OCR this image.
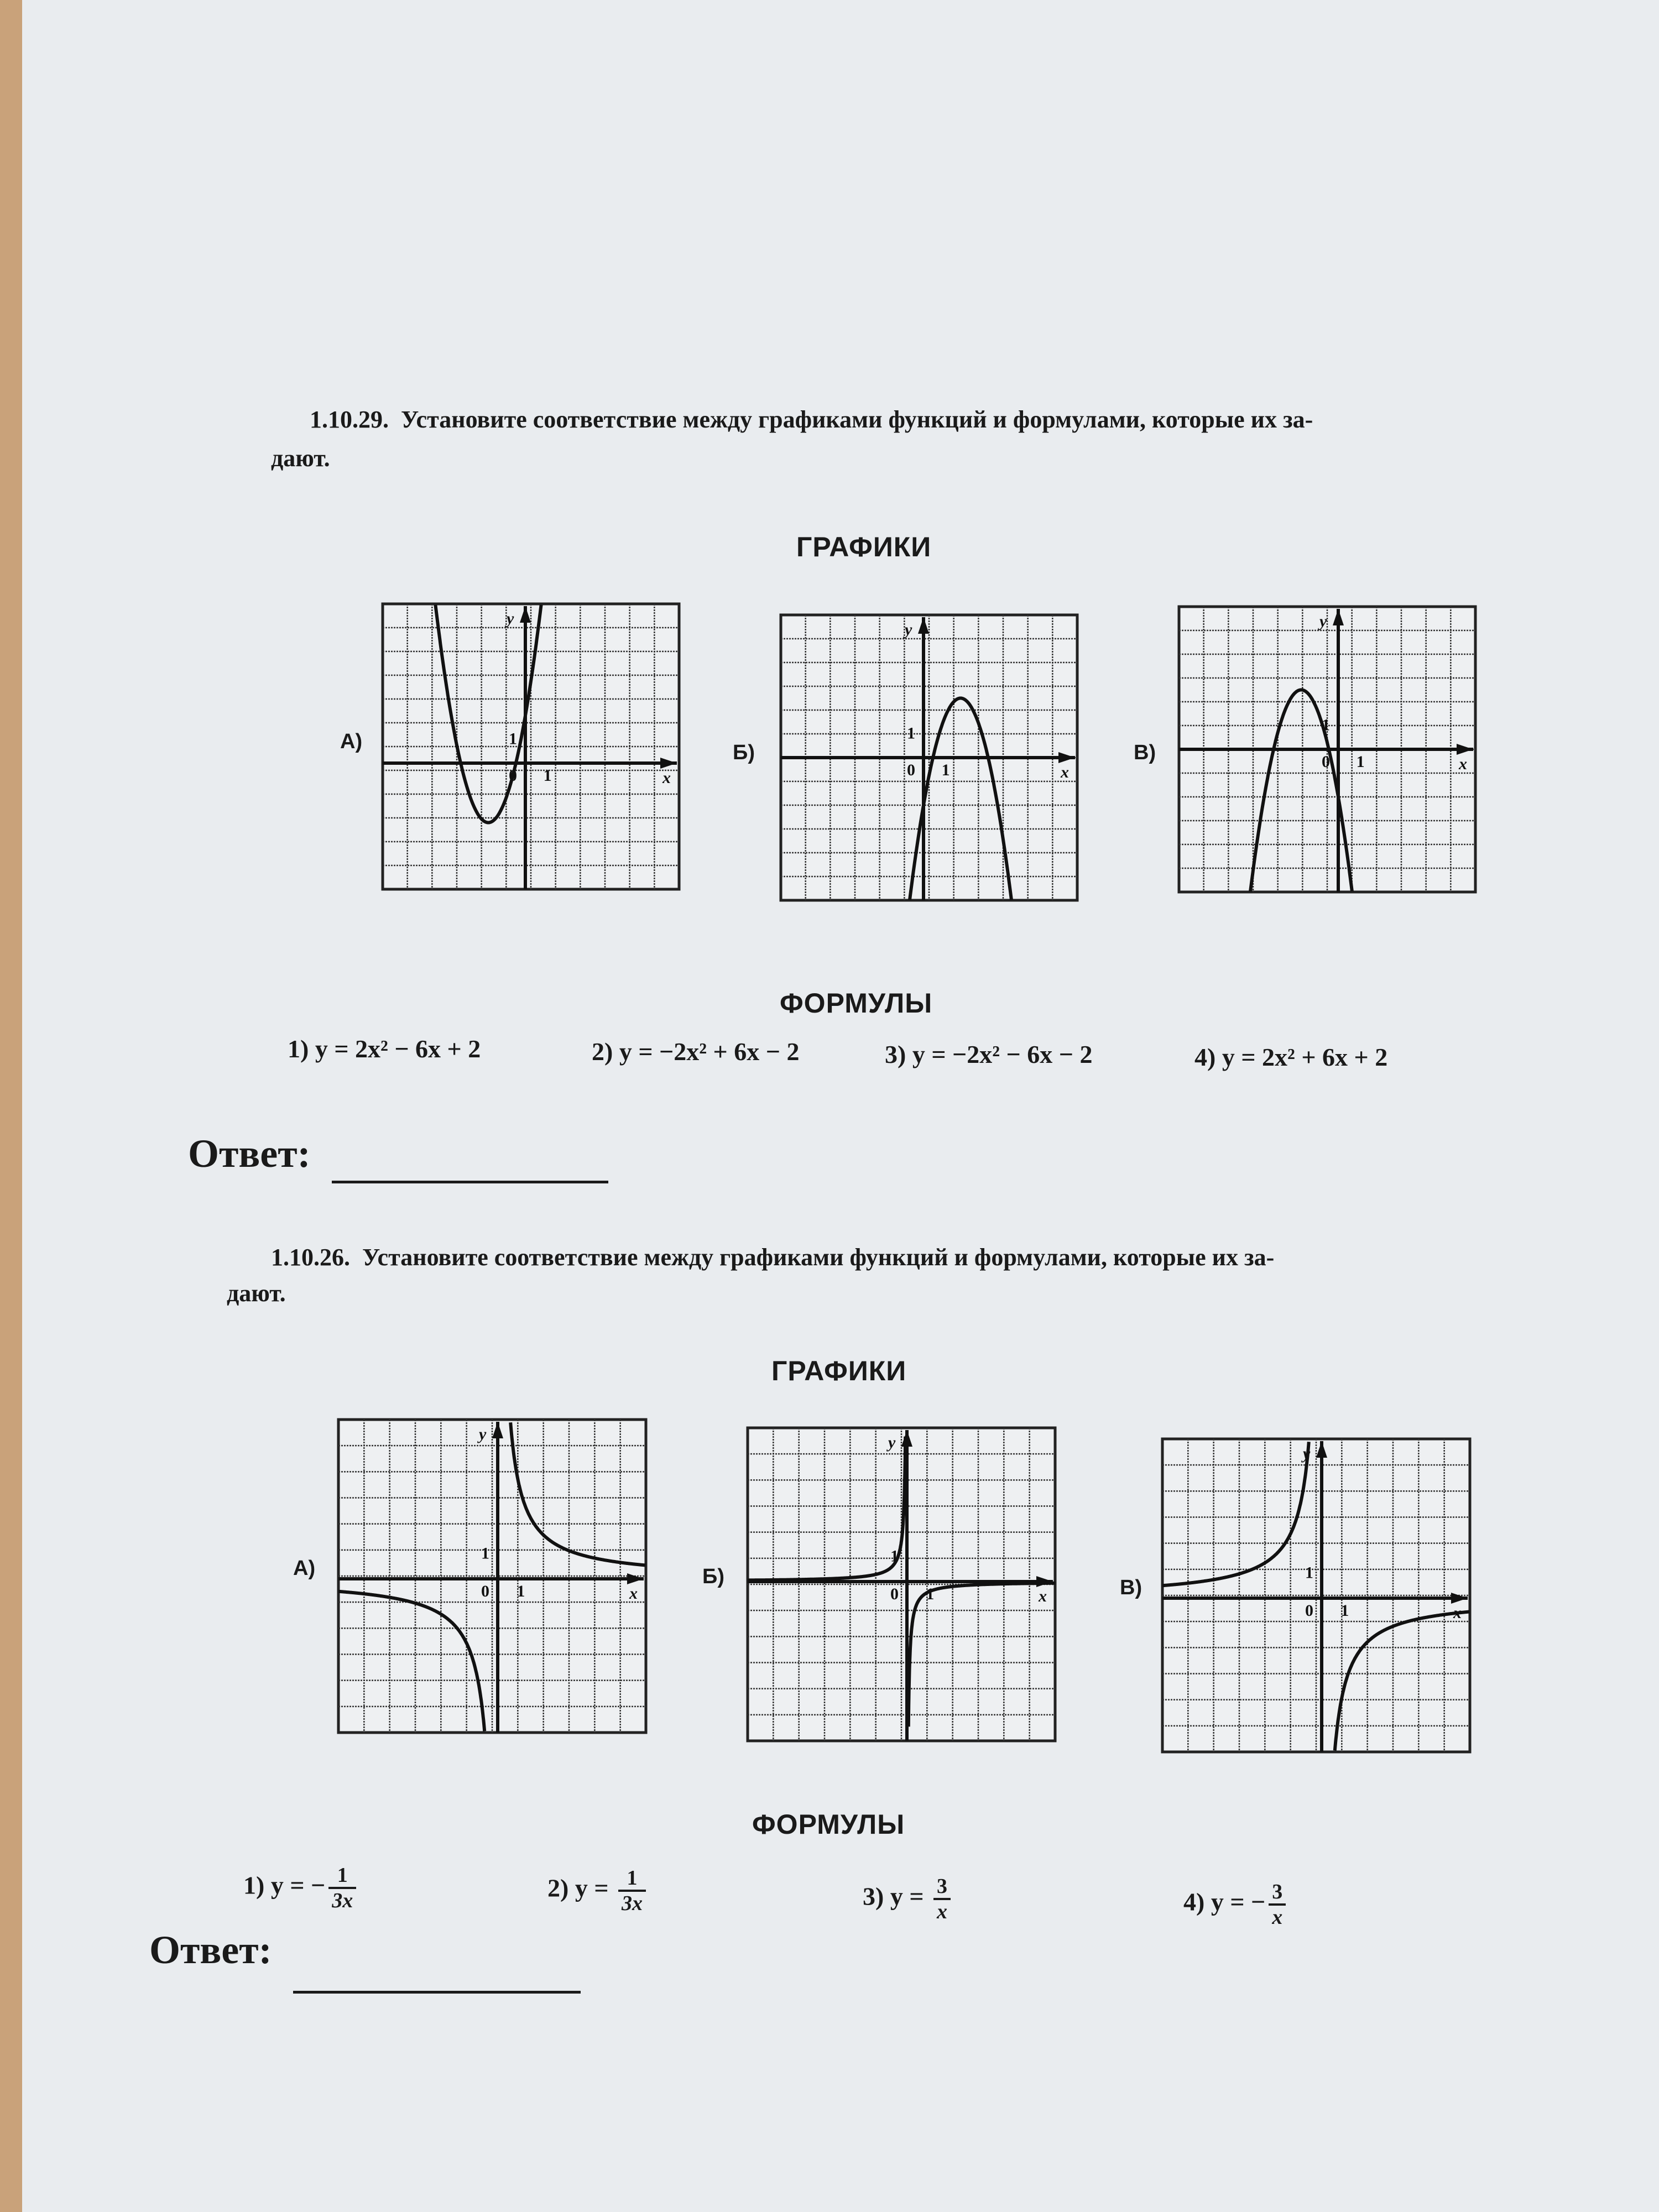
1.10.29. Установите соответствие между графиками функций и формулами, которые их за-
дают.
ГРАФИКИ
А)
y
x
0 1
1
Б)
y
x
0 1
1
В)
y
x
0 1
1
ФОРМУЛЫ
1) y = 2x² − 6x + 2	2) y = −2x² + 6x − 2	3) y = −2x² − 6x − 2	4) y = 2x² + 6x + 2
Ответ:
1.10.26. Установите соответствие между графиками функций и формулами, которые их за-
дают.
ГРАФИКИ
А)
y
x
0 1
1
Б)
y
x
0 1
1
В)
y
x
0 1
1
ФОРМУЛЫ
1) y = − $\frac{1}{3x}$	2) $y = \frac{1}{3x}$	3) $y = \frac{3}{x}$	4) y = − $\frac{3}{x}$
Ответ:
